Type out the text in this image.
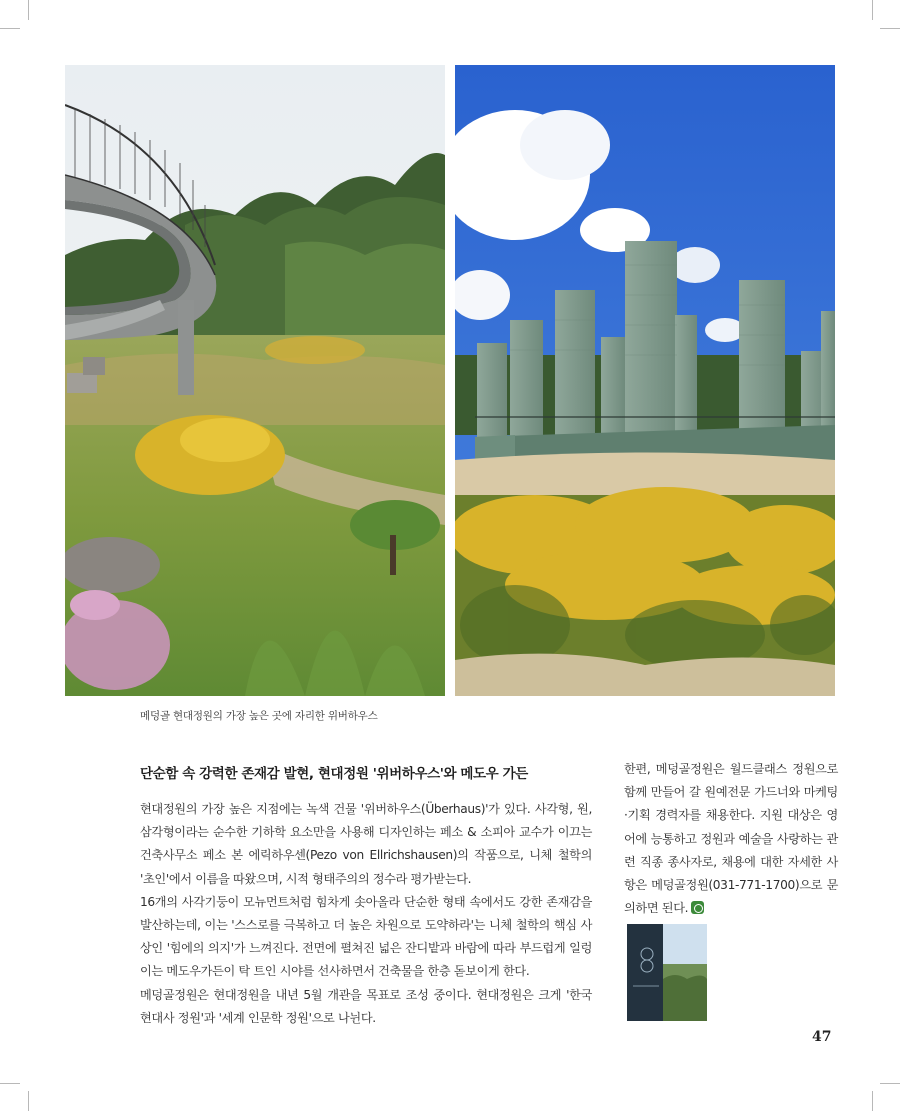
메덩골 현대정원의 가장 높은 곳에 자리한 위버하우스
단순함 속 강력한 존재감 발현, 현대정원 '위버하우스'와 메도우 가든

현대정원의 가장 높은 지점에는 녹색 건물 '위버하우스(Überhaus)'가 있다. 사각형, 원, 삼각형이라는 순수한 기하학 요소만을 사용해 디자인하는 페소 & 소피아 교수가 이끄는 건축사무소 페소 본 에릭하우센(Pezo von Ellrichshausen)의 작품으로, 니체 철학의 '초인'에서 이름을 따왔으며, 시적 형태주의의 정수라 평가받는다.

16개의 사각기둥이 모뉴먼트처럼 힘차게 솟아올라 단순한 형태 속에서도 강한 존재감을 발산하는데, 이는 '스스로를 극복하고 더 높은 차원으로 도약하라'는 니체 철학의 핵심 사상인 '힘에의 의지'가 느껴진다. 전면에 펼쳐진 넓은 잔디밭과 바람에 따라 부드럽게 일렁이는 메도우가든이 탁 트인 시야를 선사하면서 건축물을 한층 돋보이게 한다.

메덩골정원은 현대정원을 내년 5월 개관을 목표로 조성 중이다. 현대정원은 크게 '한국 현대사 정원'과 '세계 인문학 정원'으로 나뉜다.

한편, 메덩골정원은 월드클래스 정원으로 함께 만들어 갈 원예전문 가드너와 마케팅·기획 경력자를 채용한다. 지원 대상은 영어에 능통하고 정원과 예술을 사랑하는 관련 직종 종사자로, 채용에 대한 자세한 사항은 메덩골정원(031-771-1700)으로 문의하면 된다.
47
